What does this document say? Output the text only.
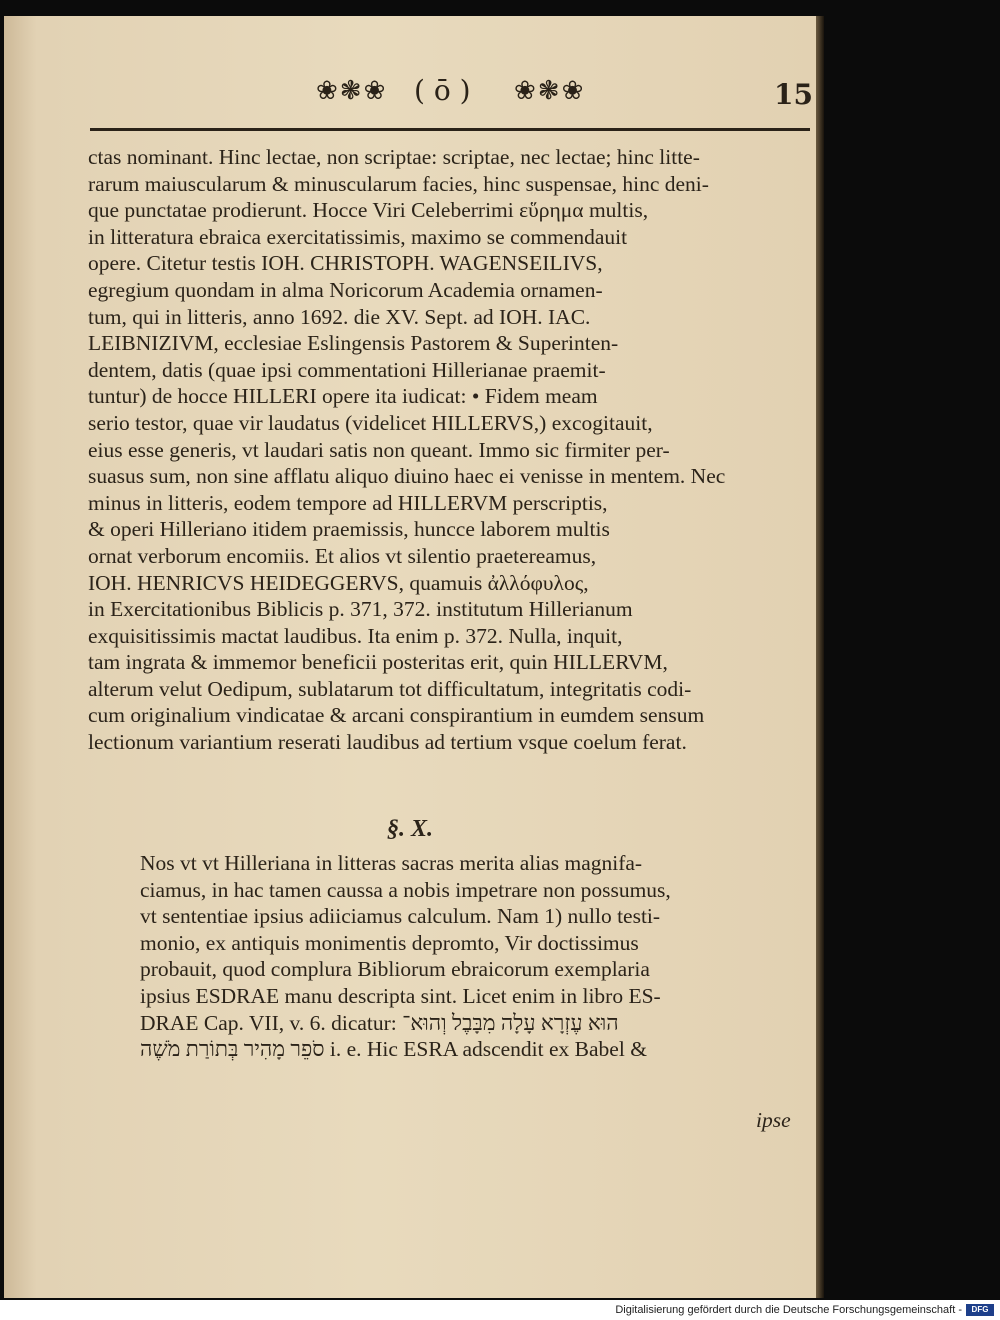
❀❃❀ ( ō ) ❀❃❀	15
ctas nominant. Hinc lectae, non scriptae: scriptae, nec lectae; hinc litte-
rarum maiuscularum & minuscularum facies, hinc suspensae, hinc deni-
que punctatae prodierunt. Hocce Viri Celeberrimi εὕρημα multis,
in litteratura ebraica exercitatissimis, maximo se commendauit
opere. Citetur testis IOH. CHRISTOPH. WAGENSEILIVS,
egregium quondam in alma Noricorum Academia ornamen-
tum, qui in litteris, anno 1692. die XV. Sept. ad IOH. IAC.
LEIBNIZIVM, ecclesiae Eslingensis Pastorem & Superinten-
dentem, datis (quae ipsi commentationi Hillerianae praemit-
tuntur) de hocce HILLERI opere ita iudicat: • Fidem meam
serio testor, quae vir laudatus (videlicet HILLERVS,) excogitauit,
eius esse generis, vt laudari satis non queant. Immo sic firmiter per-
suasus sum, non sine afflatu aliquo diuino haec ei venisse in mentem. Nec
minus in litteris, eodem tempore ad HILLERVM perscriptis,
& operi Hilleriano itidem praemissis, huncce laborem multis
ornat verborum encomiis. Et alios vt silentio praetereamus,
IOH. HENRICVS HEIDEGGERVS, quamuis ἀλλόφυλος,
in Exercitationibus Biblicis p. 371, 372. institutum Hillerianum
exquisitissimis mactat laudibus. Ita enim p. 372. Nulla, inquit,
tam ingrata & immemor beneficii posteritas erit, quin HILLERVM,
alterum velut Oedipum, sublatarum tot difficultatum, integritatis codi-
cum originalium vindicatae & arcani conspirantium in eumdem sensum
lectionum variantium reserati laudibus ad tertium vsque coelum ferat.
§. X.
Nos vt vt Hilleriana in litteras sacras merita alias magnifa-
ciamus, in hac tamen caussa a nobis impetrare non possumus,
vt sententiae ipsius adiiciamus calculum. Nam 1) nullo testi-
monio, ex antiquis monimentis depromto, Vir doctissimus
probauit, quod complura Bibliorum ebraicorum exemplaria
ipsius ESDRAE manu descripta sint. Licet enim in libro ES-
DRAE Cap. VII, v. 6. dicatur: הוּא עֶזְרָא עָלָה מִבָּבֶל וְהוּא־
סֹפֵר מָהִיר בְּתוֹרַת מֹשֶׁה i. e. Hic ESRA adscendit ex Babel &
ipse
Digitalisierung gefördert durch die Deutsche Forschungsgemeinschaft -	DFG
